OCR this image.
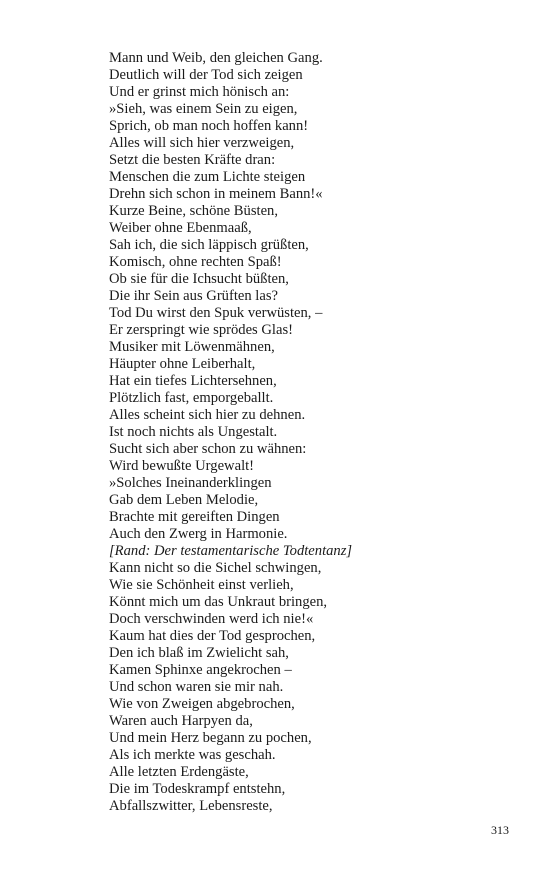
Mann und Weib, den gleichen Gang.
Deutlich will der Tod sich zeigen
Und er grinst mich hönisch an:
»Sieh, was einem Sein zu eigen,
Sprich, ob man noch hoffen kann!
Alles will sich hier verzweigen,
Setzt die besten Kräfte dran:
Menschen die zum Lichte steigen
Drehn sich schon in meinem Bann!«
Kurze Beine, schöne Büsten,
Weiber ohne Ebenmaaß,
Sah ich, die sich läppisch grüßten,
Komisch, ohne rechten Spaß!
Ob sie für die Ichsucht büßten,
Die ihr Sein aus Grüften las?
Tod Du wirst den Spuk verwüsten, –
Er zerspringt wie sprödes Glas!
Musiker mit Löwenmähnen,
Häupter ohne Leiberhalt,
Hat ein tiefes Lichtersehnen,
Plötzlich fast, emporgeballt.
Alles scheint sich hier zu dehnen.
Ist noch nichts als Ungestalt.
Sucht sich aber schon zu wähnen:
Wird bewußte Urgewalt!
»Solches Ineinanderklingen
Gab dem Leben Melodie,
Brachte mit gereiften Dingen
Auch den Zwerg in Harmonie.
[Rand: Der testamentarische Todtentanz]
Kann nicht so die Sichel schwingen,
Wie sie Schönheit einst verlieh,
Könnt mich um das Unkraut bringen,
Doch verschwinden werd ich nie!«
Kaum hat dies der Tod gesprochen,
Den ich blaß im Zwielicht sah,
Kamen Sphinxe angekrochen –
Und schon waren sie mir nah.
Wie von Zweigen abgebrochen,
Waren auch Harpyen da,
Und mein Herz begann zu pochen,
Als ich merkte was geschah.
Alle letzten Erdengäste,
Die im Todeskrampf entstehn,
Abfallszwitter, Lebensreste,
313
